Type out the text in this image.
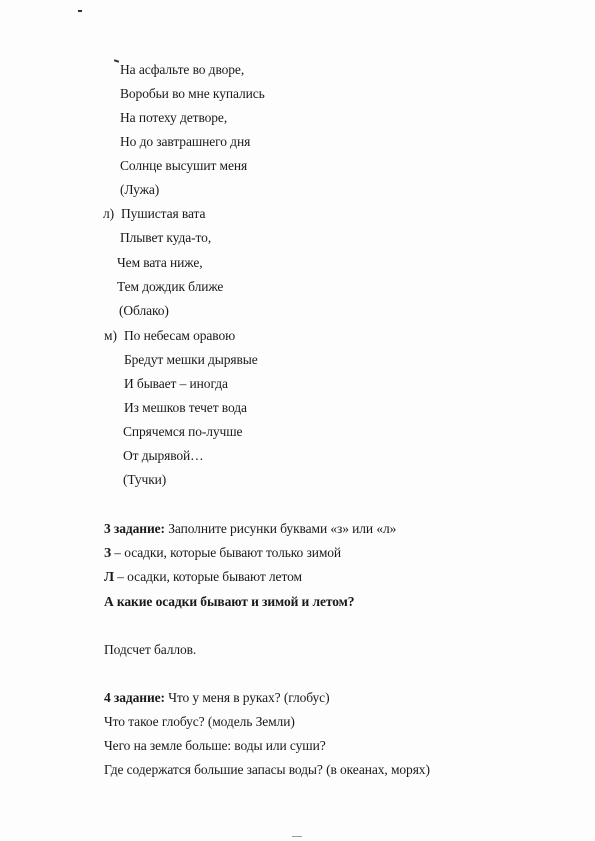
На асфальте во дворе,
Воробьи во мне купались
На потеху детворе,
Но до завтрашнего дня
Солнце высушит меня
(Лужа)
л) Пушистая вата
Плывет куда-то,
Чем вата ниже,
Тем дождик ближе
(Облако)
м) По небесам оравою
Бредут мешки дырявые
И бывает – иногда
Из мешков течет вода
Спрячемся по-лучше
От дырявой…
(Тучки)
3 задание: Заполните рисунки буквами «з» или «л»
З – осадки, которые бывают только зимой
Л – осадки, которые бывают летом
А какие осадки бывают и зимой и летом?
Подсчет баллов.
4 задание: Что у меня в руках? (глобус)
Что такое глобус? (модель Земли)
Чего на земле больше: воды или суши?
Где содержатся большие запасы воды? (в океанах, морях)
